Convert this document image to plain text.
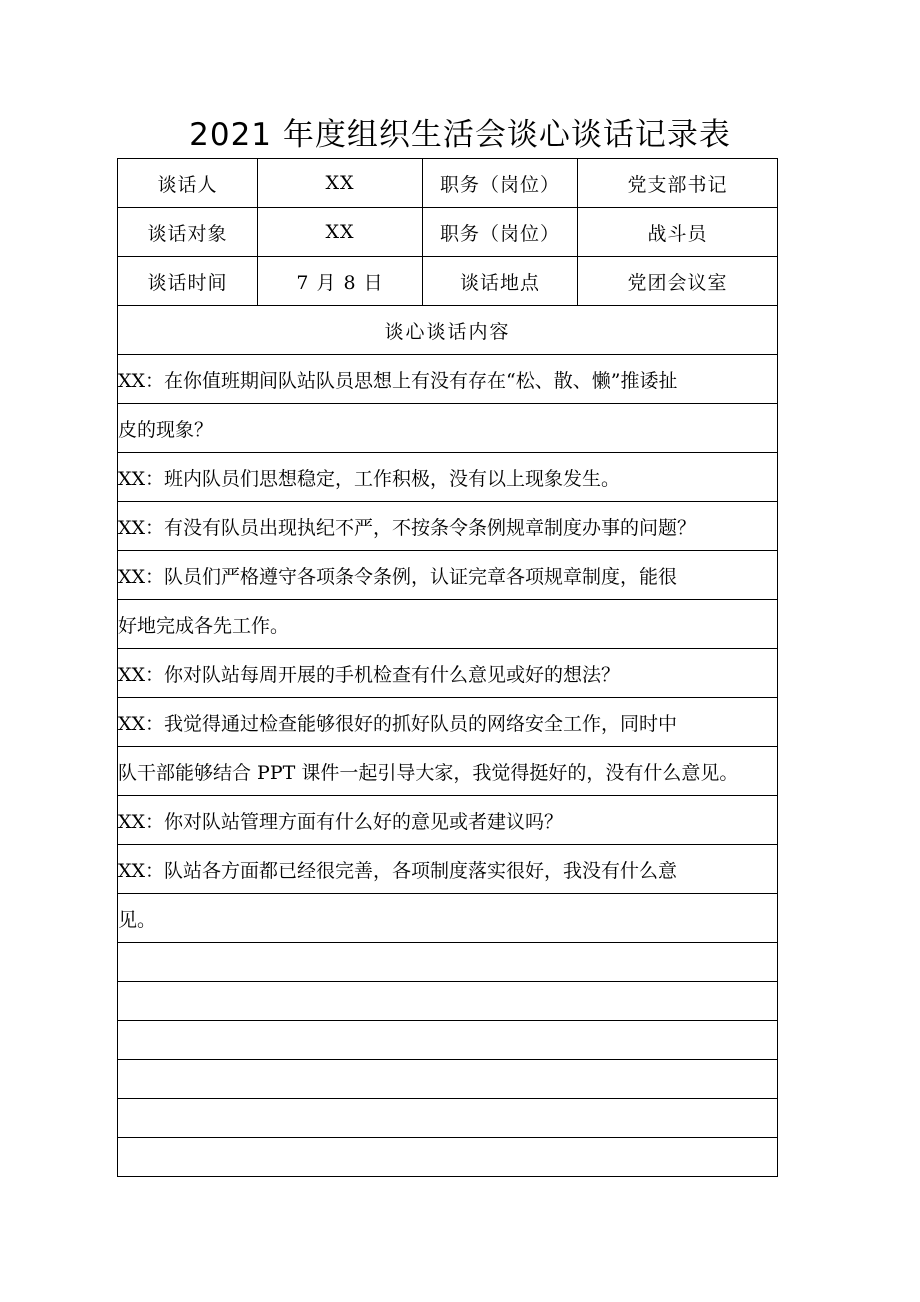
2021 年度组织生活会谈心谈话记录表
谈话人	XX	职务（岗位）	党支部书记
谈话对象	XX	职务（岗位）	战斗员
谈话时间	7 月 8 日	谈话地点	党团会议室
谈心谈话内容			
XX：在你值班期间队站队员思想上有没有存在“松、散、懒”推诿扯			
皮的现象？			
XX：班内队员们思想稳定，工作积极，没有以上现象发生。			
XX：有没有队员出现执纪不严，不按条令条例规章制度办事的问题？			
XX：队员们严格遵守各项条令条例，认证完章各项规章制度，能很			
好地完成各先工作。			
XX：你对队站每周开展的手机检查有什么意见或好的想法？			
XX：我觉得通过检查能够很好的抓好队员的网络安全工作，同时中			
队干部能够结合 PPT 课件一起引导大家，我觉得挺好的，没有什么意见。			
XX：你对队站管理方面有什么好的意见或者建议吗？			
XX：队站各方面都已经很完善，各项制度落实很好，我没有什么意			
见。			
